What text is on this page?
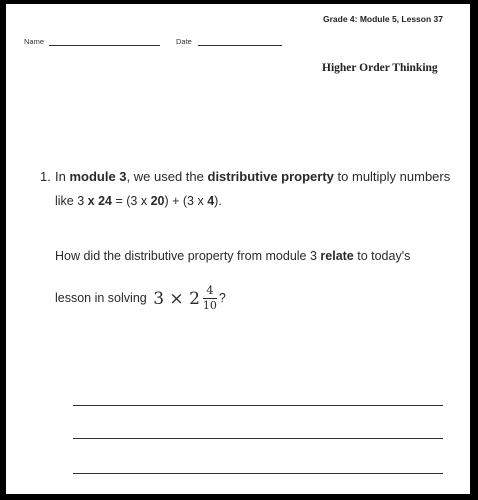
Grade 4: Module 5, Lesson 37
Name	Date
Higher Order Thinking
1. In module 3, we used the distributive property to multiply numbers
like 3 x 24 = (3 x 20) + (3 x 4).
How did the distributive property from module 3 relate to today's
lesson in solving $3 \times 2 \frac{4}{10}$ ?
